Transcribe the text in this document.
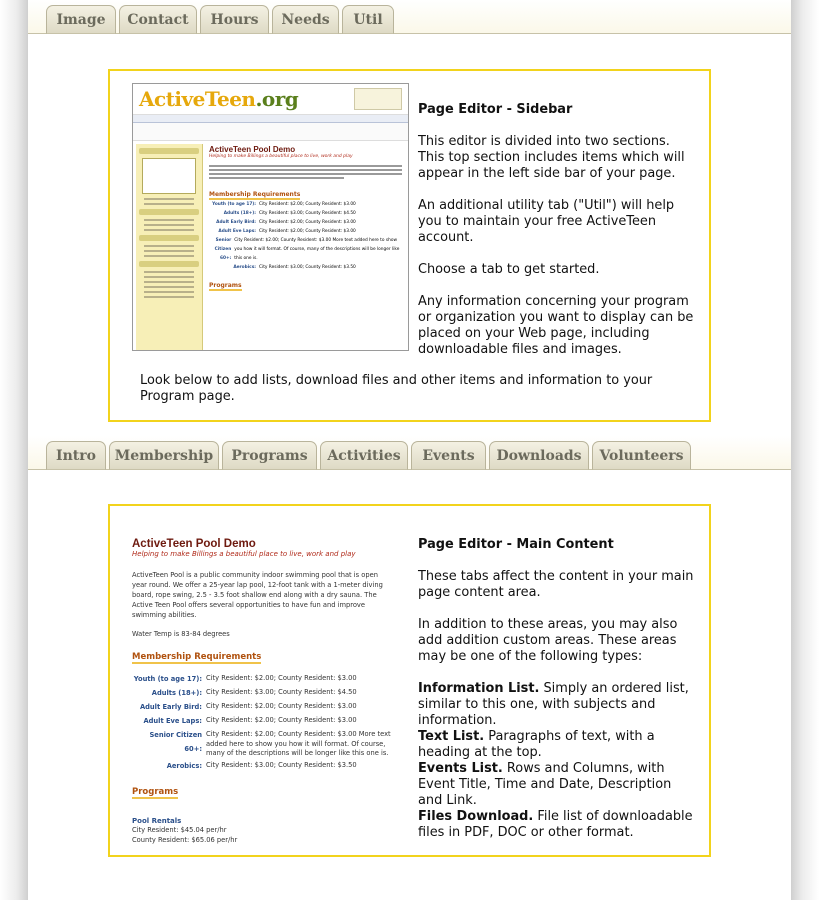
Image	Contact	Hours	Needs	Util
ActiveTeen.org
ActiveTeen Pool Demo
Helping to make Billings a beautiful place to live, work and play
Membership Requirements
Youth (to age 17): City Resident: $2.00; County Resident: $3.00
Adults (18+): City Resident: $3.00; County Resident: $4.50
Adult Early Bird: City Resident: $2.00; County Resident: $3.00
Adult Eve Laps: City Resident: $2.00; County Resident: $3.00
Senior Citizen 60+:
City Resident: $2.00; County Resident: $3.00 More text added here to show you how it will format. Of course, many of the descriptions will be longer like this one is.
Aerobics: City Resident: $3.00; County Resident: $3.50
Programs

Page Editor - Sidebar

This editor is divided into two sections. This top section includes items which will appear in the left side bar of your page.

An additional utility tab ("Util") will help you to maintain your free ActiveTeen account.

Choose a tab to get started.

Any information concerning your program or organization you want to display can be placed on your Web page, including downloadable files and images.

Look below to add lists, download files and other items and information to your Program page.
Intro	Membership	Programs	Activities	Events	Downloads	Volunteers
ActiveTeen Pool Demo
Helping to make Billings a beautiful place to live, work and play
ActiveTeen Pool is a public community indoor swimming pool that is open year round. We offer a 25-year lap pool, 12-foot tank with a 1-meter diving board, rope swing, 2.5 - 3.5 foot shallow end along with a dry sauna. The Active Teen Pool offers several opportunities to have fun and improve swimming abilities.
Water Temp is 83-84 degrees
Membership Requirements
Youth (to age 17): City Resident: $2.00; County Resident: $3.00
Adults (18+): City Resident: $3.00; County Resident: $4.50
Adult Early Bird: City Resident: $2.00; County Resident: $3.00
Adult Eve Laps: City Resident: $2.00; County Resident: $3.00
Senior Citizen 60+:
City Resident: $2.00; County Resident: $3.00 More text added here to show you how it will format. Of course, many of the descriptions will be longer like this one is.
Aerobics: City Resident: $3.00; County Resident: $3.50
Programs
Pool Rentals
City Resident: $45.04 per/hr
County Resident: $65.06 per/hr

Page Editor - Main Content

These tabs affect the content in your main page content area.

In addition to these areas, you may also add addition custom areas. These areas may be one of the following types:

Information List. Simply an ordered list, similar to this one, with subjects and information.
Text List. Paragraphs of text, with a heading at the top.
Events List. Rows and Columns, with Event Title, Time and Date, Description and Link.
Files Download. File list of downloadable files in PDF, DOC or other format.
